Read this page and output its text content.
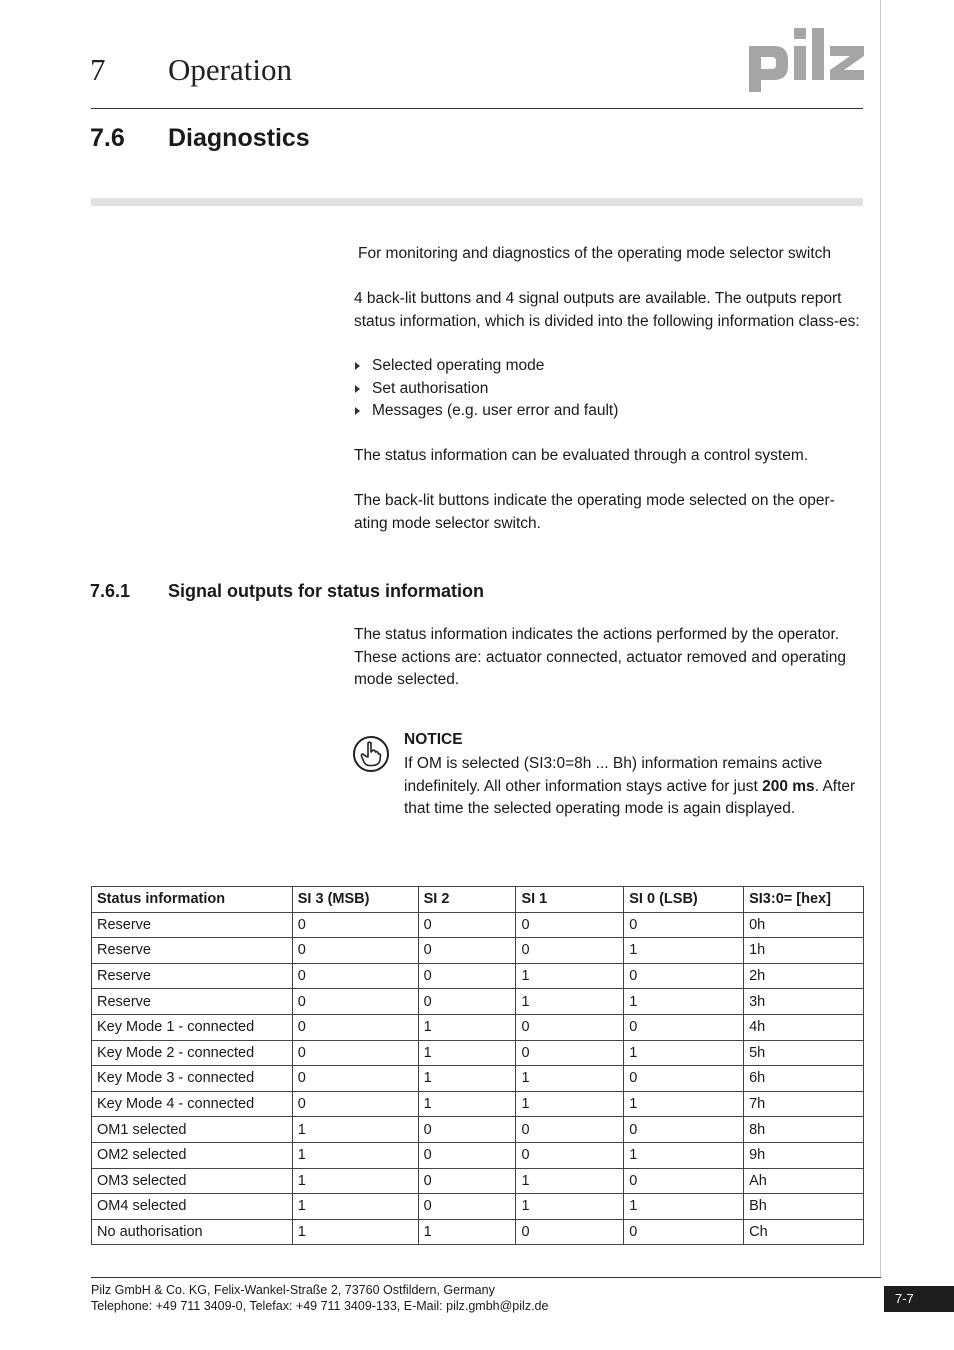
7 Operation
7.6 Diagnostics

For monitoring and diagnostics of the operating mode selector switch

4 back-lit buttons and 4 signal outputs are available. The outputs report status information, which is divided into the following information class-es:

Selected operating mode
Set authorisation
Messages (e.g. user error and fault)

The status information can be evaluated through a control system.

The back-lit buttons indicate the operating mode selected on the oper-ating mode selector switch.

7.6.1 Signal outputs for status information

The status information indicates the actions performed by the operator. These actions are: actuator connected, actuator removed and operating mode selected.

NOTICE

If OM is selected (SI3:0=8h ... Bh) information remains active indefinitely. All other information stays active for just 200 ms. After that time the selected operating mode is again displayed.

Status information	SI 3 (MSB)	SI 2	SI 1	SI 0 (LSB)	SI3:0= [hex]
Reserve	0	0	0	0	0h
Reserve	0	0	0	1	1h
Reserve	0	0	1	0	2h
Reserve	0	0	1	1	3h
Key Mode 1 - connected	0	1	0	0	4h
Key Mode 2 - connected	0	1	0	1	5h
Key Mode 3 - connected	0	1	1	0	6h
Key Mode 4 - connected	0	1	1	1	7h
OM1 selected	1	0	0	0	8h
OM2 selected	1	0	0	1	9h
OM3 selected	1	0	1	0	Ah
OM4 selected	1	0	1	1	Bh
No authorisation	1	1	0	0	Ch
Pilz GmbH & Co. KG, Felix-Wankel-Straße 2, 73760 Ostfildern, Germany
Telephone: +49 711 3409-0, Telefax: +49 711 3409-133, E-Mail: pilz.gmbh@pilz.de	7-7
